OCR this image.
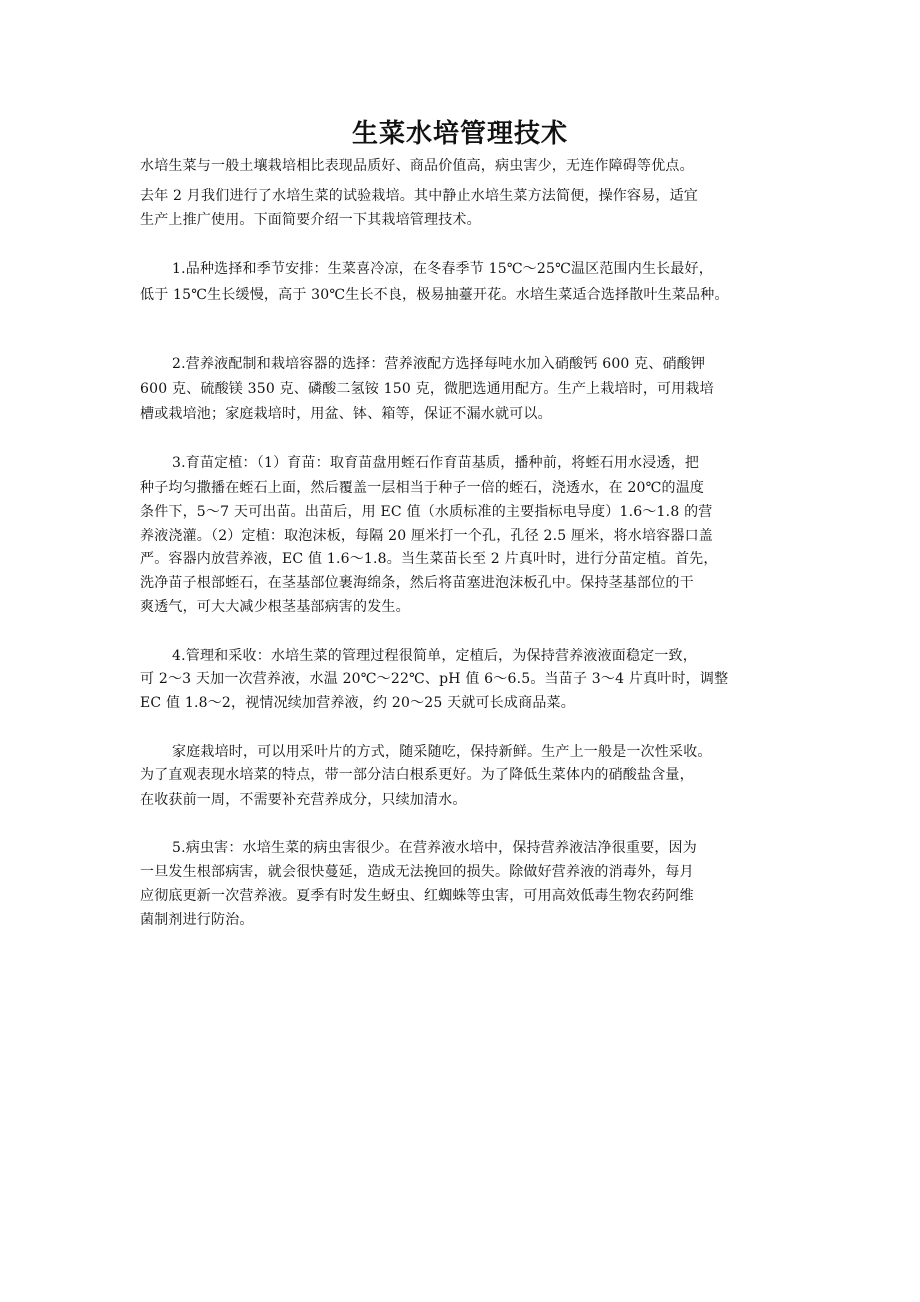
生菜水培管理技术
水培生菜与一般土壤栽培相比表现品质好、商品价值高，病虫害少，无连作障碍等优点。
去年 2 月我们进行了水培生菜的试验栽培。其中静止水培生菜方法简便，操作容易，适宜
生产上推广使用。下面简要介绍一下其栽培管理技术。
1.品种选择和季节安排：生菜喜冷凉，在冬春季节 15℃～25℃温区范围内生长最好，
低于 15℃生长缓慢，高于 30℃生长不良，极易抽薹开花。水培生菜适合选择散叶生菜品种。
2.营养液配制和栽培容器的选择：营养液配方选择每吨水加入硝酸钙 600 克、硝酸钾
600 克、硫酸镁 350 克、磷酸二氢铵 150 克，微肥选通用配方。生产上栽培时，可用栽培
槽或栽培池；家庭栽培时，用盆、钵、箱等，保证不漏水就可以。
3.育苗定植：（1）育苗：取育苗盘用蛭石作育苗基质，播种前，将蛭石用水浸透，把
种子均匀撒播在蛭石上面，然后覆盖一层相当于种子一倍的蛭石，浇透水，在 20℃的温度
条件下，5～7 天可出苗。出苗后，用 EC 值（水质标准的主要指标电导度）1.6～1.8 的营
养液浇灌。（2）定植：取泡沫板，每隔 20 厘米打一个孔，孔径 2.5 厘米，将水培容器口盖
严。容器内放营养液，EC 值 1.6～1.8。当生菜苗长至 2 片真叶时，进行分苗定植。首先，
洗净苗子根部蛭石，在茎基部位裹海绵条，然后将苗塞进泡沫板孔中。保持茎基部位的干
爽透气，可大大减少根茎基部病害的发生。
4.管理和采收：水培生菜的管理过程很简单，定植后，为保持营养液液面稳定一致，
可 2～3 天加一次营养液，水温 20℃～22℃、pH 值 6～6.5。当苗子 3～4 片真叶时，调整
EC 值 1.8～2，视情况续加营养液，约 20～25 天就可长成商品菜。
家庭栽培时，可以用采叶片的方式，随采随吃，保持新鲜。生产上一般是一次性采收。
为了直观表现水培菜的特点，带一部分洁白根系更好。为了降低生菜体内的硝酸盐含量，
在收获前一周，不需要补充营养成分，只续加清水。
5.病虫害：水培生菜的病虫害很少。在营养液水培中，保持营养液洁净很重要，因为
一旦发生根部病害，就会很快蔓延，造成无法挽回的损失。除做好营养液的消毒外，每月
应彻底更新一次营养液。夏季有时发生蚜虫、红蜘蛛等虫害，可用高效低毒生物农药阿维
菌制剂进行防治。
